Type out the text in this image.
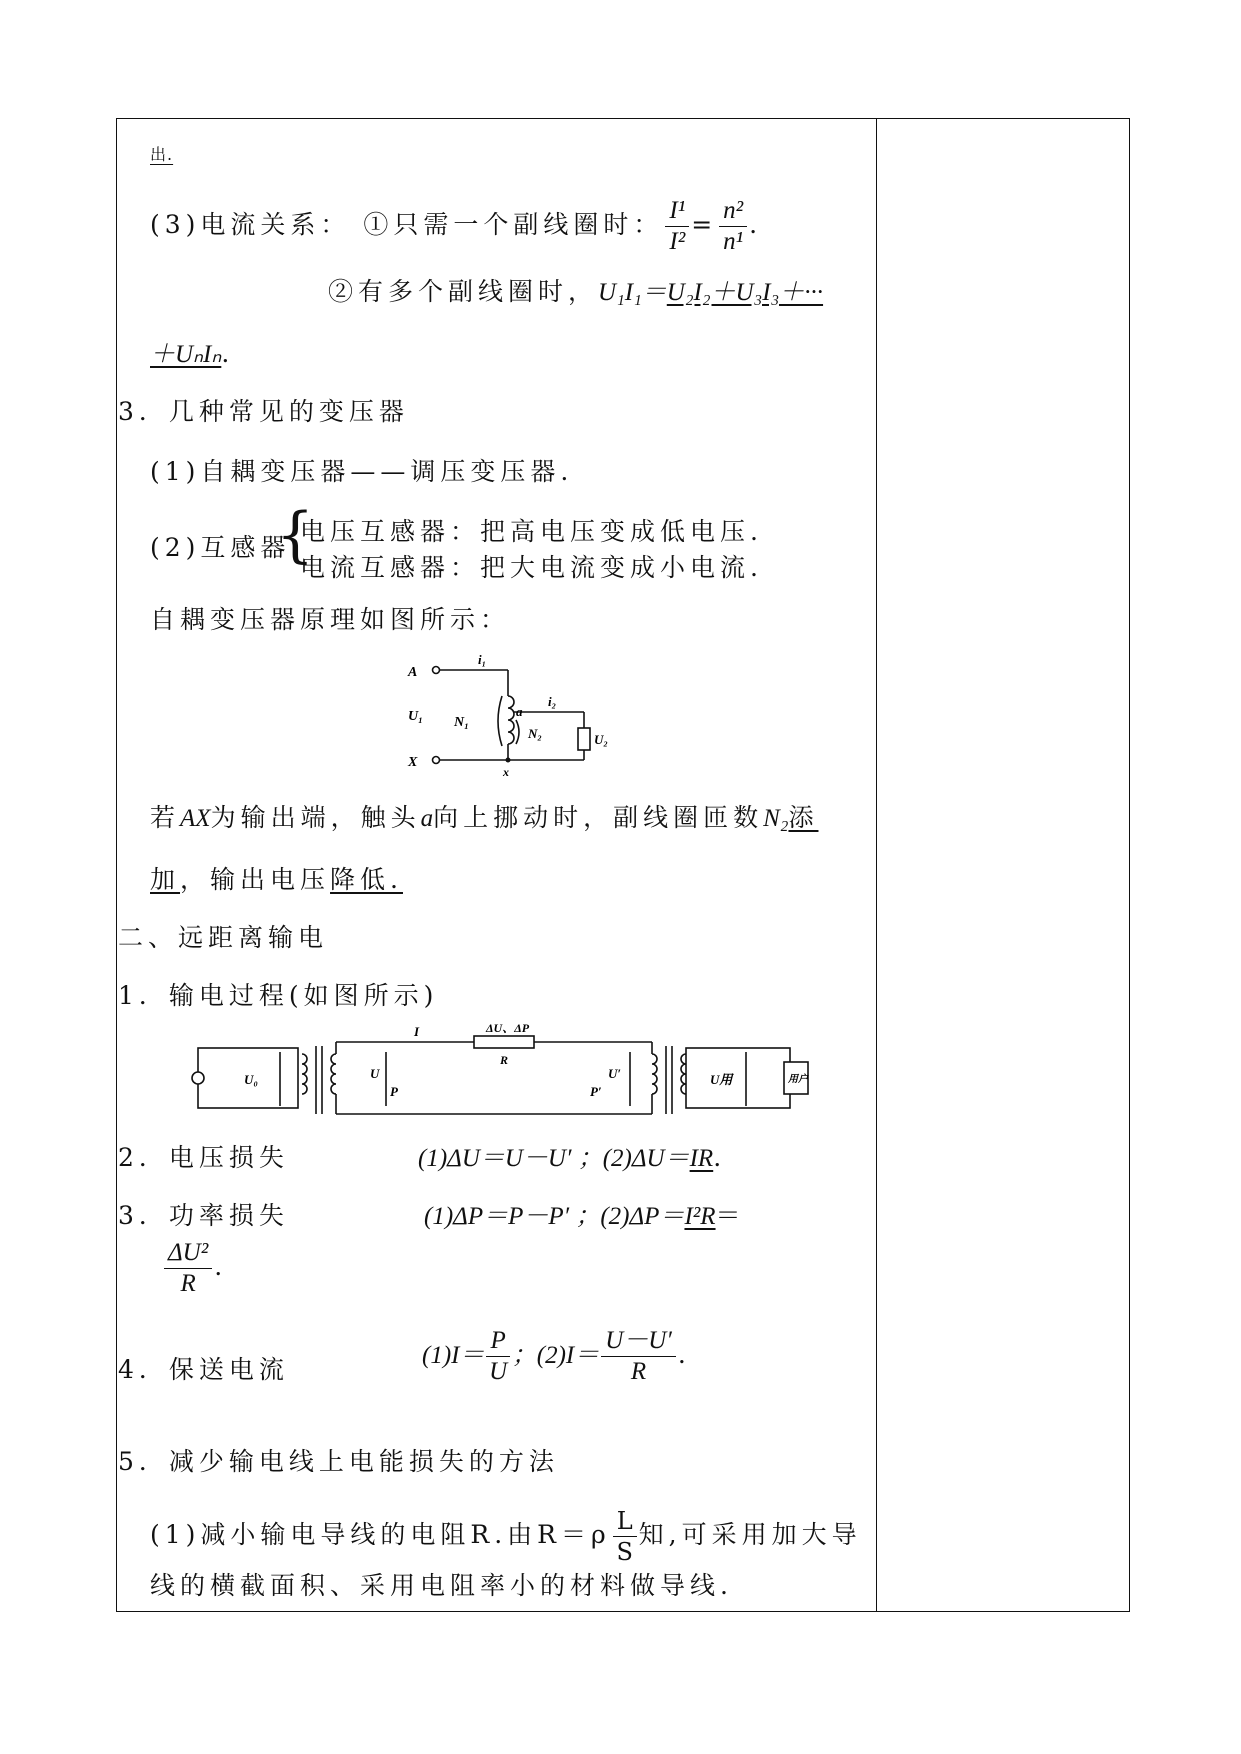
出.
(3)电流关系： ①只需一个副线圈时： $\frac{\text{I¹}}{\text{I²}} = \frac{\text{n²}}{\text{n¹}}$ .
②有多个副线圈时，U₁I₁＝U₂I₂＋U₃I₃＋···
＋UₙIₙ.
3．几种常见的变压器
(1)自耦变压器——调压变压器.
(2)互感器
{
电压互感器：把高电压变成低电压.
电流互感器：把大电流变成小电流.
自耦变压器原理如图所示：
A
X
i₁
U₁ N₁
a
i₂
N₂	U₂
x
若AX为输出端，触头a向上挪动时，副线圈匝数N₂添
加，输出电压降低.
二、远距离输电
1．输电过程(如图所示)
U₀
I	ΔU、ΔP
R
U
P
U′
P′
U用	用户
2．电压损失	(1)ΔU＝U－U′ ；(2)ΔU＝IR.
3．功率损失	(1)ΔP＝P－P′ ；(2)ΔP＝I²R＝
$\frac{\text{ΔU²}}{R}$ .
4．保送电流	$(1)I= \frac{P}{U}$ ；$(2)I= \frac{U-U'}{R}$ .
5．减少输电线上电能损失的方法
(1)减小输电导线的电阻R.由$R=\rho \frac{L}{S}$ 知,可采用加大导
线的横截面积、采用电阻率小的材料做导线.
